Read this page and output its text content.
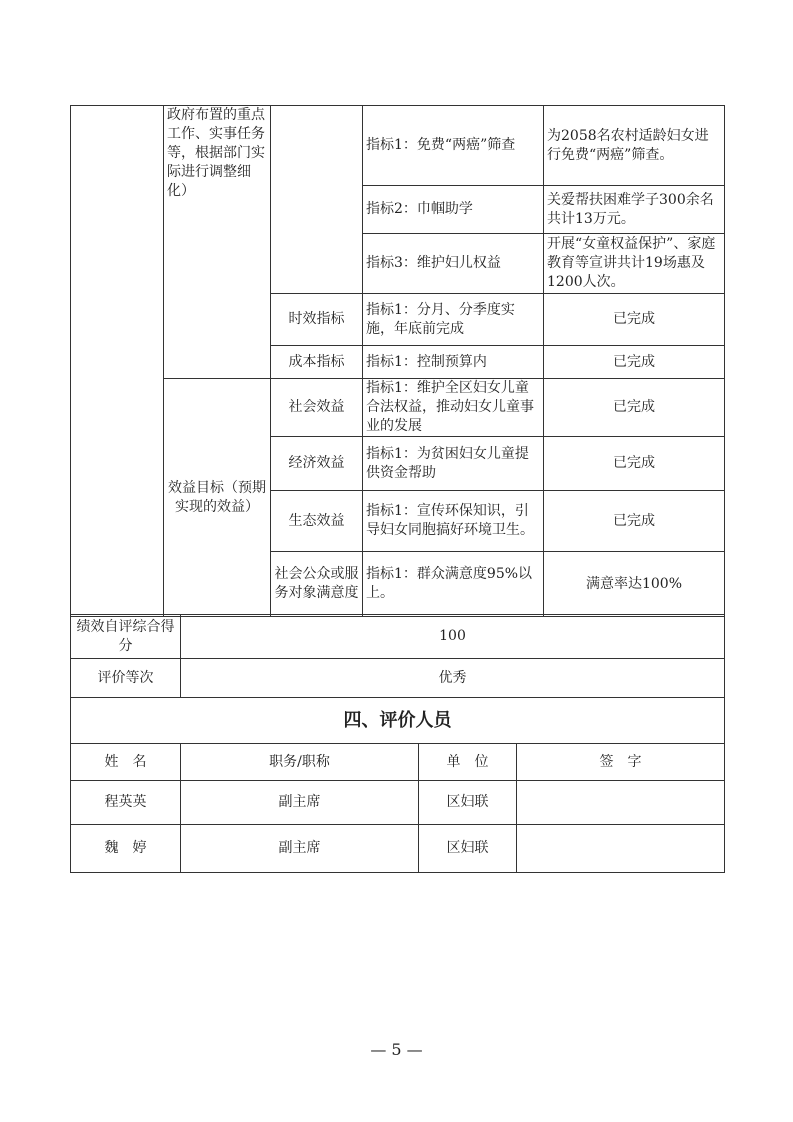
	政府布置的重点工作、实事任务等，根据部门实际进行调整细化）		指标1：免费“两癌”筛查	为2058名农村适龄妇女进行免费“两癌”筛查。
			指标2：巾帼助学	关爱帮扶困难学子300余名共计13万元。
			指标3：维护妇儿权益	开展“女童权益保护”、家庭教育等宣讲共计19场惠及1200人次。
		时效指标	指标1：分月、分季度实施，年底前完成	已完成
		成本指标	指标1：控制预算内	已完成
	效益目标（预期实现的效益）	社会效益	指标1：维护全区妇女儿童合法权益，推动妇女儿童事业的发展	已完成
		经济效益	指标1：为贫困妇女儿童提供资金帮助	已完成
		生态效益	指标1：宣传环保知识，引导妇女同胞搞好环境卫生。	已完成
		社会公众或服务对象满意度	指标1：群众满意度95%以上。	满意率达100%
绩效自评综合得分	100		
评价等次	优秀		
四、评价人员			
姓　名	职务/职称	单　位	签　字
程英英	副主席	区妇联	
魏　婷	副主席	区妇联	
— 5 —
